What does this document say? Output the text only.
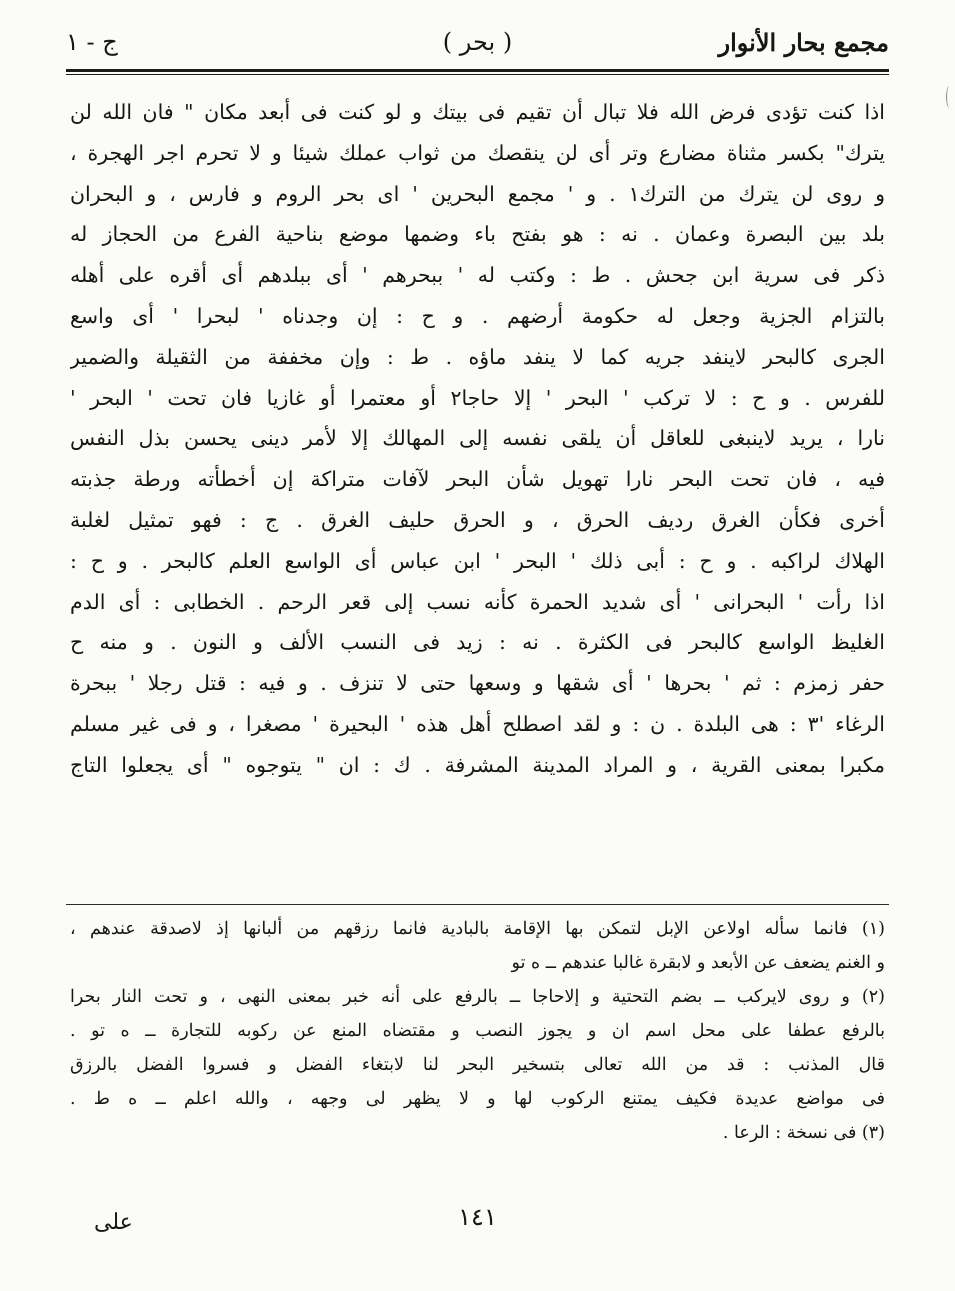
مجمع بحار الأنوار
( بحر )
ج - ١
اذا كنت تؤدى فرض الله فلا تبال أن تقيم فى بيتك و لو كنت فى أبعد مكان " فان الله لن
يترك" بكسر مثناة مضارع وتر أى لن ينقصك من ثواب عملك شيئا و لا تحرم اجر الهجرة ،
و روى لن يترك من الترك١ . و ' مجمع البحرين ' اى بحر الروم و فارس ، و البحران
بلد بين البصرة وعمان . نه : هو بفتح باء وضمها موضع بناحية الفرع من الحجاز له
ذكر فى سرية ابن جحش . ط : وكتب له ' ببحرهم ' أى ببلدهم أى أقره على أهله
بالتزام الجزية وجعل له حكومة أرضهم . و ح : إن وجدناه ' لبحرا ' أى واسع
الجرى كالبحر لاينفد جريه كما لا ينفد ماؤه . ط : وإن مخففة من الثقيلة والضمير
للفرس . و ح : لا تركب ' البحر ' إلا حاجا٢ أو معتمرا أو غازيا فان تحت ' البحر '
نارا ، يريد لاينبغى للعاقل أن يلقى نفسه إلى المهالك إلا لأمر دينى يحسن بذل النفس
فيه ، فان تحت البحر نارا تهويل شأن البحر لآفات متراكة إن أخطأته ورطة جذبته
أخرى فكأن الغرق رديف الحرق ، و الحرق حليف الغرق . ج : فهو تمثيل لغلبة
الهلاك لراكبه . و ح : أبى ذلك ' البحر ' ابن عباس أى الواسع العلم كالبحر . و ح :
اذا رأت ' البحرانى ' أى شديد الحمرة كأنه نسب إلى قعر الرحم . الخطابى : أى الدم
الغليظ الواسع كالبحر فى الكثرة . نه : زيد فى النسب الألف و النون . و منه ح
حفر زمزم : ثم ' بحرها ' أى شقها و وسعها حتى لا تنزف . و فيه : قتل رجلا ' ببحرة
الرغاء '٣ : هى البلدة . ن : و لقد اصطلح أهل هذه ' البحيرة ' مصغرا ، و فى غير مسلم
مكبرا بمعنى القرية ، و المراد المدينة المشرفة . ك : ان " يتوجوه " أى يجعلوا التاج
(١) فانما سأله اولاعن الإبل لتمكن بها الإقامة بالبادية فانما رزقهم من ألبانها إذ لاصدقة عندهم ،
و الغنم يضعف عن الأبعد و لابقرة غالبا عندهم ــ ه تو
(٢) و روى لايركب ــ بضم التحتية و إلاحاجا ــ بالرفع على أنه خبر بمعنى النهى ، و تحت النار بحرا
بالرفع عطفا على محل اسم ان و يجوز النصب و مقتضاه المنع عن ركوبه للتجارة ــ ه تو .
قال المذنب : قد من الله تعالى بتسخير البحر لنا لابتغاء الفضل و فسروا الفضل بالرزق
فى مواضع عديدة فكيف يمتنع الركوب لها و لا يظهر لى وجهه ، والله اعلم ــ ه ط .
(٣) فى نسخة : الرعا .
١٤١
على
